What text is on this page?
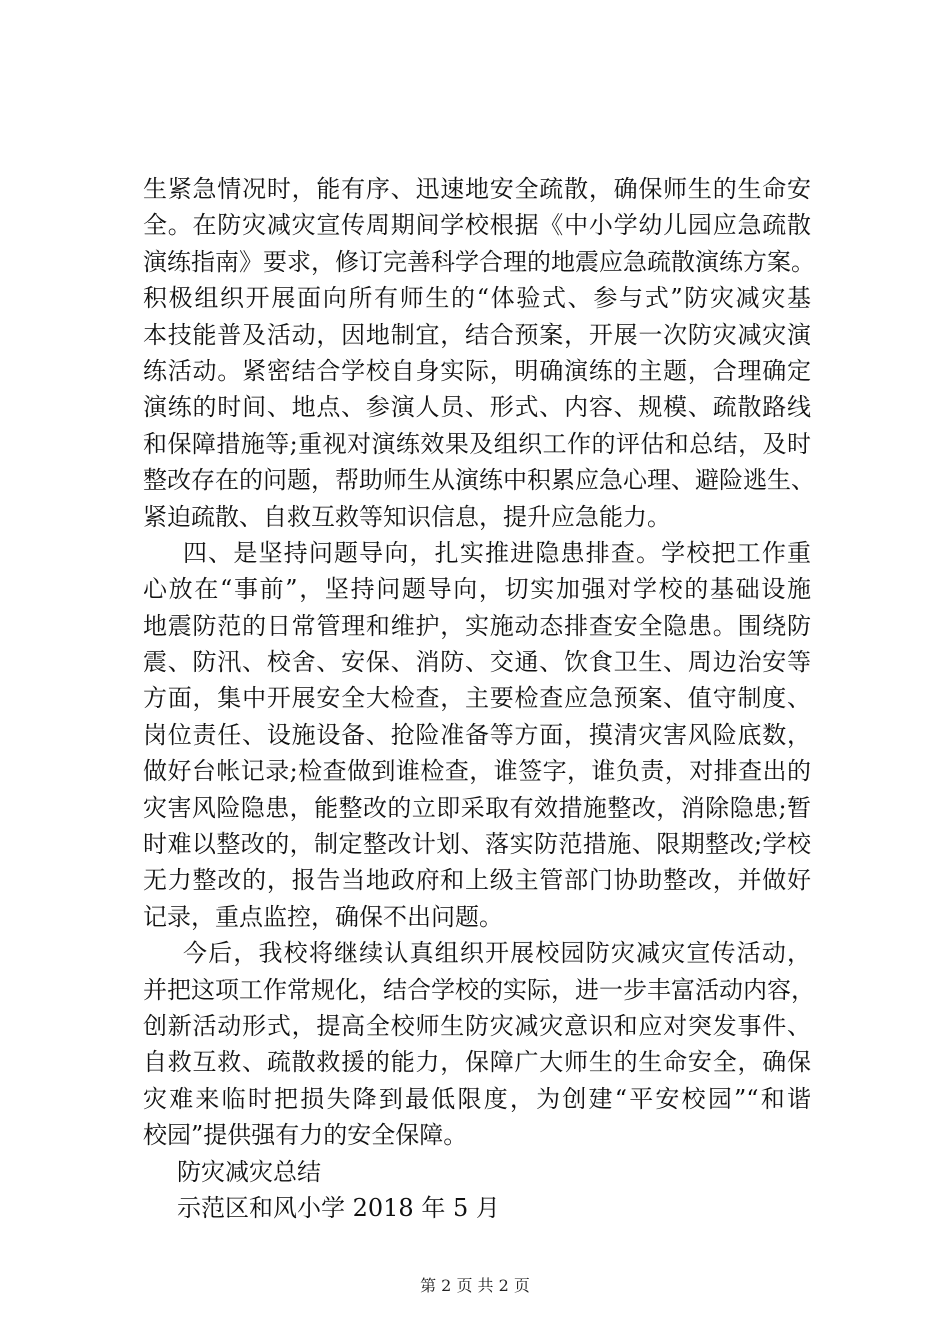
生紧急情况时，能有序、迅速地安全疏散，确保师生的生命安
全。在防灾减灾宣传周期间学校根据《中小学幼儿园应急疏散
演练指南》要求，修订完善科学合理的地震应急疏散演练方案。
积极组织开展面向所有师生的“体验式、参与式”防灾减灾基
本技能普及活动，因地制宜，结合预案，开展一次防灾减灾演
练活动。紧密结合学校自身实际，明确演练的主题，合理确定
演练的时间、地点、参演人员、形式、内容、规模、疏散路线
和保障措施等;重视对演练效果及组织工作的评估和总结，及时
整改存在的问题，帮助师生从演练中积累应急心理、避险逃生、
紧迫疏散、自救互救等知识信息，提升应急能力。
四、是坚持问题导向，扎实推进隐患排查。学校把工作重
心放在“事前”，坚持问题导向，切实加强对学校的基础设施
地震防范的日常管理和维护，实施动态排查安全隐患。围绕防
震、防汛、校舍、安保、消防、交通、饮食卫生、周边治安等
方面，集中开展安全大检查，主要检查应急预案、值守制度、
岗位责任、设施设备、抢险准备等方面，摸清灾害风险底数，
做好台帐记录;检查做到谁检查，谁签字，谁负责，对排查出的
灾害风险隐患，能整改的立即采取有效措施整改，消除隐患;暂
时难以整改的，制定整改计划、落实防范措施、限期整改;学校
无力整改的，报告当地政府和上级主管部门协助整改，并做好
记录，重点监控，确保不出问题。
今后，我校将继续认真组织开展校园防灾减灾宣传活动，
并把这项工作常规化，结合学校的实际，进一步丰富活动内容，
创新活动形式，提高全校师生防灾减灾意识和应对突发事件、
自救互救、疏散救援的能力，保障广大师生的生命安全，确保
灾难来临时把损失降到最低限度，为创建“平安校园”“和谐
校园”提供强有力的安全保障。
防灾减灾总结
示范区和风小学 2018 年 5 月
第 2 页 共 2 页
